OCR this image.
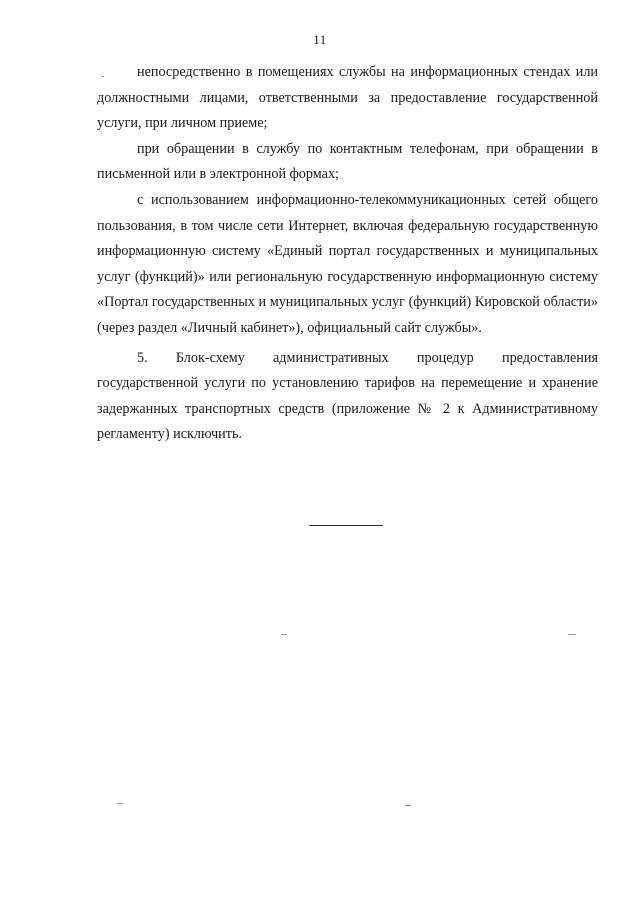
11

непосредственно в помещениях службы на информационных стендах или должностными лицами, ответственными за предоставление государственной услуги, при личном приеме;

при обращении в службу по контактным телефонам, при обращении в письменной или в электронной формах;

с использованием информационно-телекоммуникационных сетей общего пользования, в том числе сети Интернет, включая федеральную государственную информационную систему «Единый портал государственных и муниципальных услуг (функций)» или региональную государственную информационную систему «Портал государственных и муниципальных услуг (функций) Кировской области» (через раздел «Личный кабинет»), официальный сайт службы».

5. Блок-схему административных процедур предоставления государственной услуги по установлению тарифов на перемещение и хранение задержанных транспортных средств (приложение № 2 к Административному регламенту) исключить.
